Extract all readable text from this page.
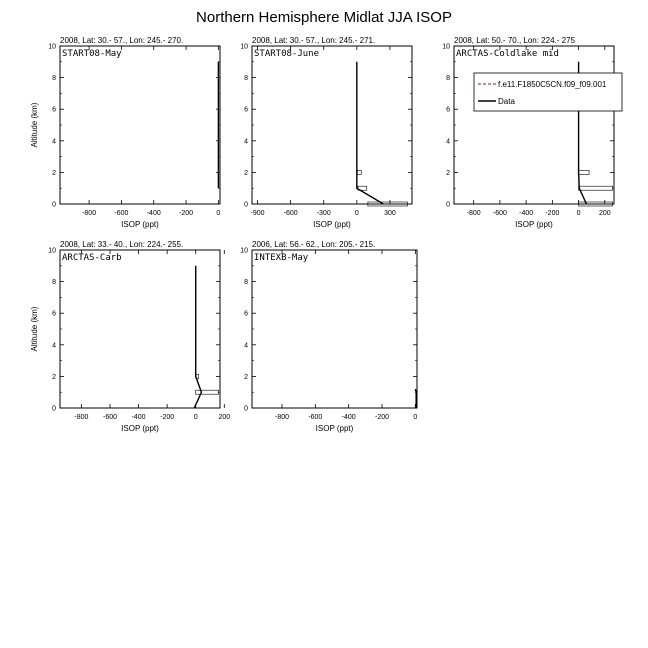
Northern Hemisphere Midlat JJA ISOP
2008, Lat: 30.- 57., Lon: 245.- 270.
0
2
4
6
8
10
-800	-600	-400	-200	0
ISOP (ppt)
Altitude (km)
START08-May
2008, Lat: 30.- 57., Lon: 245.- 271.
0
2
4
6
8
10
-900	-600	-300	0	300
ISOP (ppt)
START08-June
2008, Lat: 50.- 70., Lon: 224.- 275
0
2
4
6
8
10
-800 -600 -400 -200 0	200
ISOP (ppt)
ARCTAS-Coldlake mid
f.e11.F1850C5CN.f09_f09.001
Data
2008, Lat: 33.- 40., Lon: 224.- 255.
0
2
4
6
8
10
-800 -600 -400 -200	0	200
ISOP (ppt)
Altitude (km)
ARCTAS-Carb
2006, Lat: 56.- 62., Lon: 205.- 215.
0
2
4
6
8
10
-800	-600	-400	-200	0
ISOP (ppt)
INTEXB-May
